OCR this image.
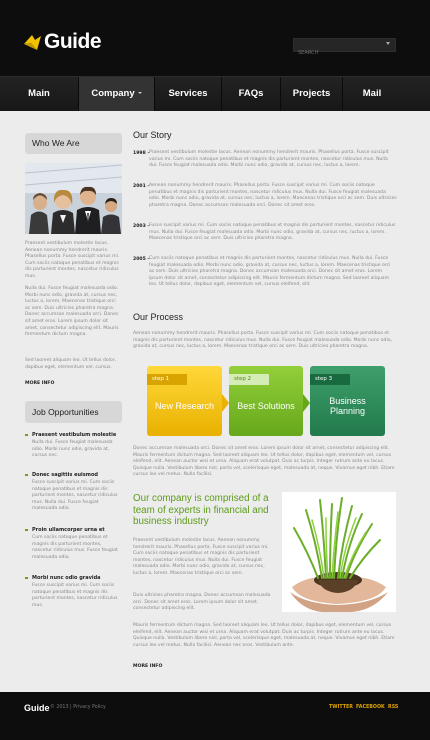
Guide
SEARCH
Main	Company	Services	FAQs	Projects	Mail
Who We Are
Praesent vestibulum molestie lacus. Aenean nonummy hendrerit mauris. Phasellus porta. Fusce suscipit varius mi. Cum sociis natoque penatibus et magnis dis parturient montes, nascetur ridiculus mus.
Nulla dui. Fusce feugiat malesuada odio. Morbi nunc odio, gravida at, cursus nec, luctus a, lorem. Maecenas tristique orci ac sem. Duis ultricies pharetra magna. Donec accumsan malesuada orci. Donec sit amet eros. Lorem ipsum dolor sit amet, consectetur adipiscing elit. Mauris fermentum dictum magna.
Sed laoreet aliquam leo. Ut tellus dolor, dapibus eget, elementum vel, cursus.
MORE INFO
Job Opportunities
Praesent vestibulum molestie
Nulla dui. Fusce feugiat malesuada odio. Morbi nunc odio, gravida at, cursus nec.
Donec sagittis euismod
Fusce suscipit varius mi. Cum sociis natoque penatibus et magnis dis parturient montes, nascetur ridiculus mus. Nulla dui. Fusce feugiat malesuada odio.
Proin ullamcorper urna et
Cum sociis natoque penatibus et magnis dis parturient montes, nascetur ridiculus mus. Fusce feugiat malesuada odio.
Morbi nunc odio gravida
Fusce suscipit varius mi. Cum sociis natoque penatibus et magnis dis parturient montes, nascetur ridiculus mus.
Our Story
1998 – Praesent vestibulum molestie lacus. Aenean nonummy hendrerit mauris. Phasellus porta. Fusce suscipit varius mi. Cum sociis natoque penatibus et magnis dis parturient montes, nascetur ridiculus mus. Nulla dui. Fusce feugiat malesuada odio. Morbi nunc odio, gravida at, cursus nec, luctus a, lorem.
2001 – Aenean nonummy hendrerit mauris. Phasellus porta. Fusce suscipit varius mi. Cum sociis natoque penatibus et magnis dis parturient montes, nascetur ridiculus mus. Nulla dui. Fusce feugiat malesuada odio. Morbi nunc odio, gravida at, cursus nec, luctus a, lorem. Maecenas tristique orci ac sem. Duis ultricies pharetra magna. Donec accumsan malesuada orci. Donec sit amet eros.
2003 – Fusce suscipit varius mi. Cum sociis natoque penatibus et magnis dis parturient montes, nascetur ridiculus mus. Nulla dui. Fusce feugiat malesuada odio. Morbi nunc odio, gravida at, cursus nec, luctus a, lorem. Maecenas tristique orci ac sem. Duis ultricies pharetra magna.
2005 – Cum sociis natoque penatibus et magnis dis parturient montes, nascetur ridiculus mus. Nulla dui. Fusce feugiat malesuada odio. Morbi nunc odio, gravida at, cursus nec, luctus a, lorem. Maecenas tristique orci ac sem. Duis ultricies pharetra magna. Donec accumsan malesuada orci. Donec sit amet eros. Lorem ipsum dolor sit amet, consectetur adipiscing elit. Mauris fermentum dictum magna. Sed laoreet aliquam leo. Ut tellus dolor, dapibus eget, elementum vel, cursus eleifend, elit.
Our Process
Aenean nonummy hendrerit mauris. Phasellus porta. Fusce suscipit varius mi. Cum sociis natoque penatibus et magnis dis parturient montes, nascetur ridiculus mus. Nulla dui. Fusce feugiat malesuada odio. Morbi nunc odio, gravida at, cursus nec, luctus a, lorem. Maecenas tristique orci ac sem. Duis ultricies pharetra magna.
step 1
New Research
step 2
Best Solutions
step 3
Business Planning
Donec accumsan malesuada orci. Donec sit amet eros. Lorem ipsum dolor sit amet, consectetur adipiscing elit. Mauris fermentum dictum magna. Sed laoreet aliquam leo. Ut tellus dolor, dapibus eget, elementum vel, cursus eleifend, elit. Aenean auctor wisi et urna. Aliquam erat volutpat. Duis ac turpis. Integer rutrum ante eu lacus. Quisque nulla. Vestibulum libero nisl, porta vel, scelerisque eget, malesuada at, neque. Vivamus eget nibh. Etiam cursus leo vel metus. Nulla facilisi.
Our company is comprised of a team of experts in financial and business industry
Praesent vestibulum molestie lacus. Aenean nonummy hendrerit mauris. Phasellus porta. Fusce suscipit varius mi. Cum sociis natoque penatibus et magnis dis parturient montes, nascetur ridiculus mus. Nulla dui. Fusce feugiat malesuada odio. Morbi nunc odio, gravida at, cursus nec, luctus a, lorem. Maecenas tristique orci ac sem.
Duis ultricies pharetra magna. Donec accumsan malesuada orci. Donec sit amet eros. Lorem ipsum dolor sit amet, consectetur adipiscing elit.
Mauris fermentum dictum magna. Sed laoreet aliquam leo. Ut tellus dolor, dapibus eget, elementum vel, cursus eleifend, elit. Aenean auctor wisi et urna. Aliquam erat volutpat. Duis ac turpis. Integer rutrum ante eu lacus. Quisque nulla. Vestibulum libero nisl, porta vel, scelerisque eget, malesuada at, neque. Vivamus eget nibh. Etiam cursus leo vel metus. Nulla facilisi. Aenean nec eros. Vestibulum ante.
MORE INFO
Guide © 2013 | Privacy Policy	TWITTER FACEBOOK RSS
